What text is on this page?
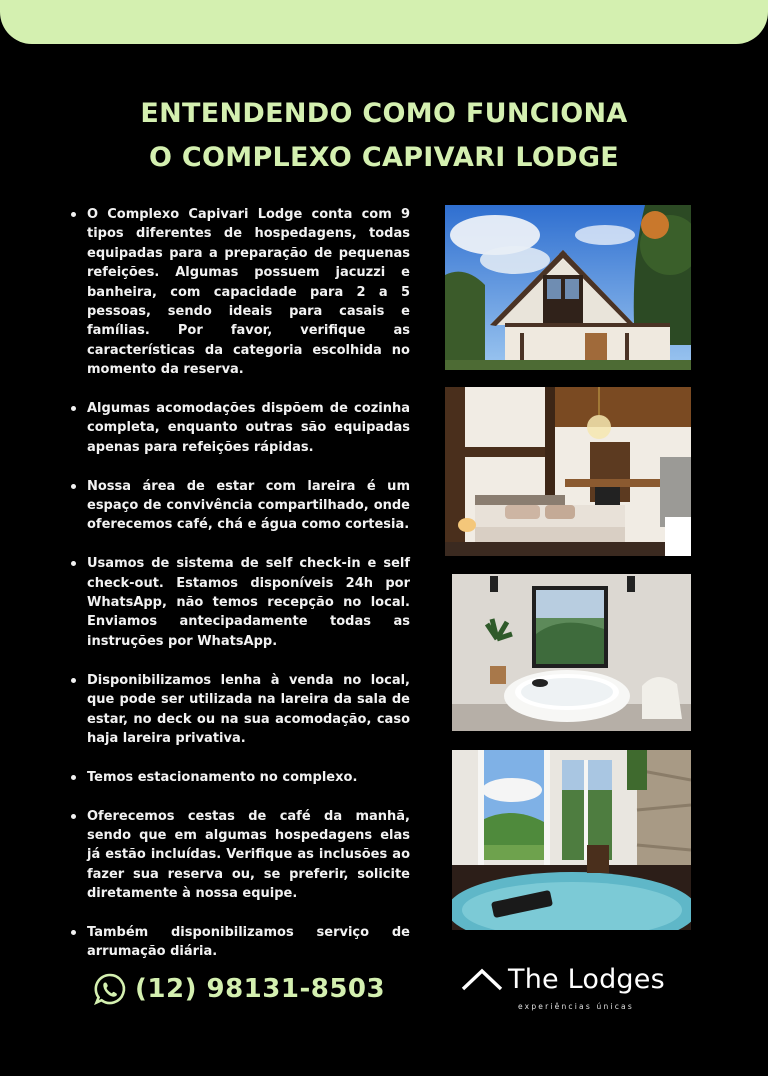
ENTENDENDO COMO FUNCIONA
O COMPLEXO CAPIVARI LODGE
O Complexo Capivari Lodge conta com 9 tipos diferentes de hospedagens, todas equipadas para a preparação de pequenas refeições. Algumas possuem jacuzzi e banheira, com capacidade para 2 a 5 pessoas, sendo ideais para casais e famílias. Por favor, verifique as características da categoria escolhida no momento da reserva.
Algumas acomodações dispõem de cozinha completa, enquanto outras são equipadas apenas para refeições rápidas.
Nossa área de estar com lareira é um espaço de convivência compartilhado, onde oferecemos café, chá e água como cortesia.
Usamos de sistema de self check-in e self check-out. Estamos disponíveis 24h por WhatsApp, não temos recepção no local. Enviamos antecipadamente todas as instruções por WhatsApp.
Disponibilizamos lenha à venda no local, que pode ser utilizada na lareira da sala de estar, no deck ou na sua acomodação, caso haja lareira privativa.
Temos estacionamento no complexo.
Oferecemos cestas de café da manhã, sendo que em algumas hospedagens elas já estão incluídas. Verifique as inclusões ao fazer sua reserva ou, se preferir, solicite diretamente à nossa equipe.
Também disponibilizamos serviço de arrumação diária.
(12) 98131-8503	The Lodges
experiências únicas
